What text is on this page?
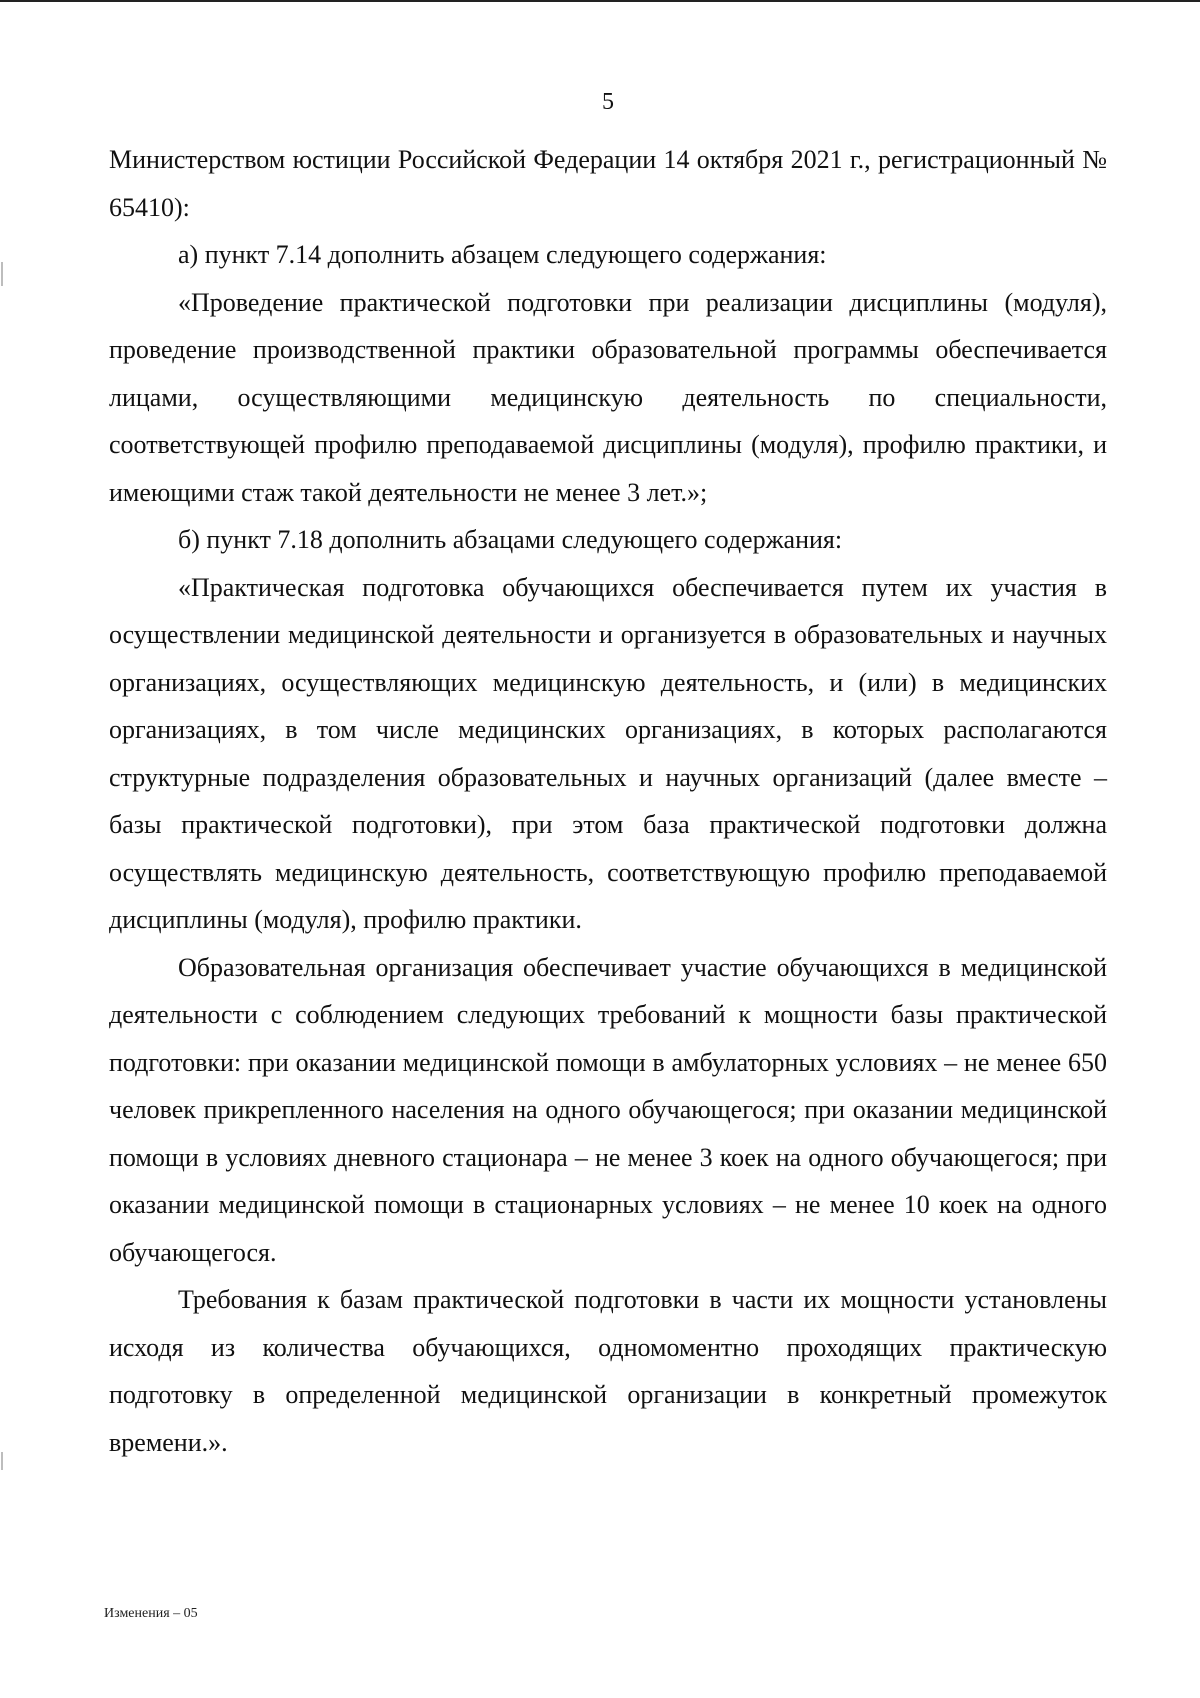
5

Министерством юстиции Российской Федерации 14 октября 2021 г., регистрационный № 65410):

а) пункт 7.14 дополнить абзацем следующего содержания:

«Проведение практической подготовки при реализации дисциплины (модуля), проведение производственной практики образовательной программы обеспечивается лицами, осуществляющими медицинскую деятельность по специальности, соответствующей профилю преподаваемой дисциплины (модуля), профилю практики, и имеющими стаж такой деятельности не менее 3 лет.»;

б) пункт 7.18 дополнить абзацами следующего содержания:

«Практическая подготовка обучающихся обеспечивается путем их участия в осуществлении медицинской деятельности и организуется в образовательных и научных организациях, осуществляющих медицинскую деятельность, и (или) в медицинских организациях, в том числе медицинских организациях, в которых располагаются структурные подразделения образовательных и научных организаций (далее вместе – базы практической подготовки), при этом база практической подготовки должна осуществлять медицинскую деятельность, соответствующую профилю преподаваемой дисциплины (модуля), профилю практики.

Образовательная организация обеспечивает участие обучающихся в медицинской деятельности с соблюдением следующих требований к мощности базы практической подготовки: при оказании медицинской помощи в амбулаторных условиях – не менее 650 человек прикрепленного населения на одного обучающегося; при оказании медицинской помощи в условиях дневного стационара – не менее 3 коек на одного обучающегося; при оказании медицинской помощи в стационарных условиях – не менее 10 коек на одного обучающегося.

Требования к базам практической подготовки в части их мощности установлены исходя из количества обучающихся, одномоментно проходящих практическую подготовку в определенной медицинской организации в конкретный промежуток времени.».

Изменения – 05
